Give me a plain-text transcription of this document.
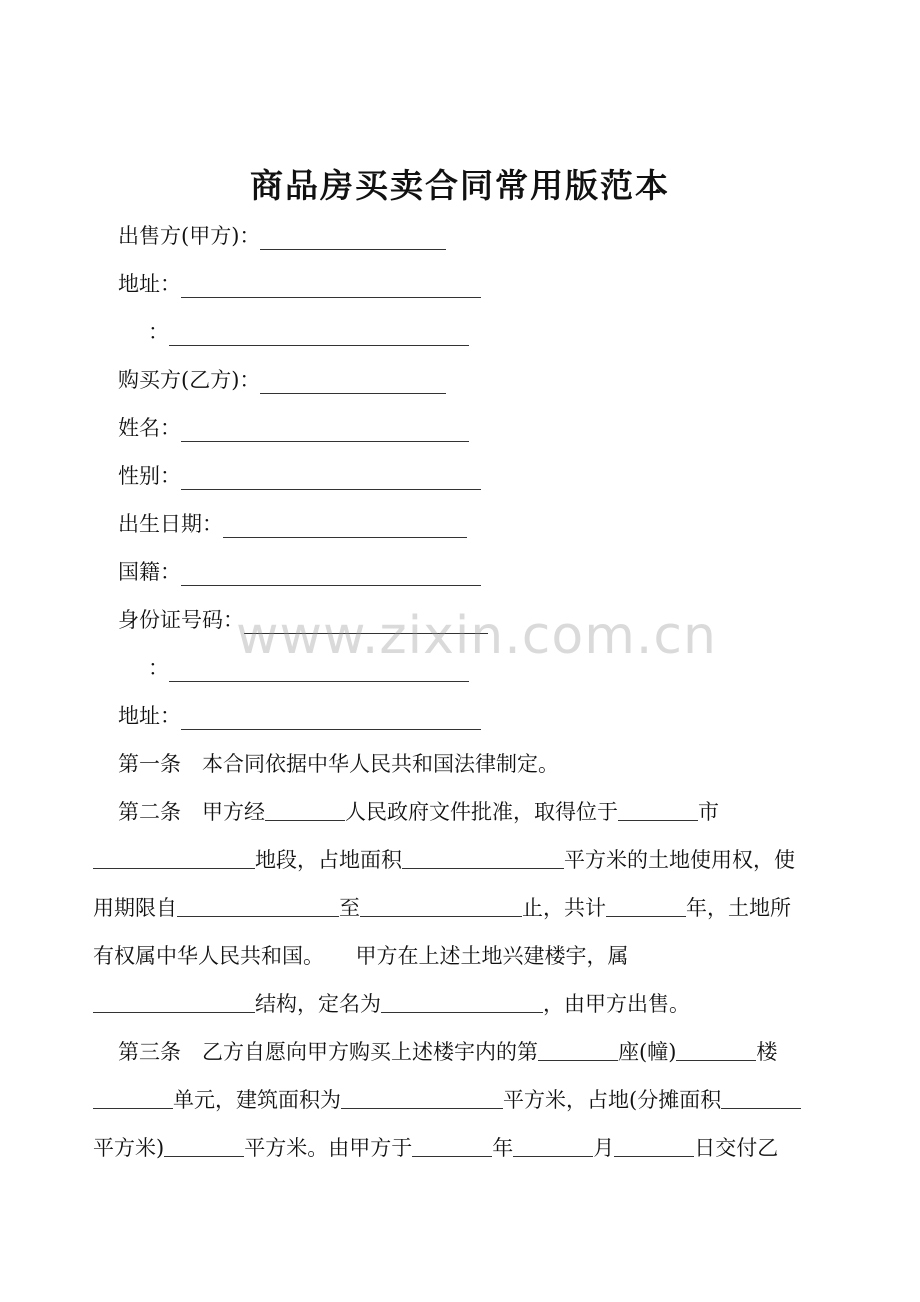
商品房买卖合同常用版范本
出售方(甲方)：
地址：
：
购买方(乙方)：
姓名：
性别：
出生日期：
国籍：
身份证号码：
：
地址：
第一条　本合同依据中华人民共和国法律制定。
第二条　甲方经	人民政府文件批准，取得位于	市
地段，占地面积	平方米的土地使用权，使
用期限自	至	止，共计	年，土地所
有权属中华人民共和国。　　甲方在上述土地兴建楼宇，属
结构，定名为	，由甲方出售。
第三条　乙方自愿向甲方购买上述楼宇内的第	座(幢)	楼
单元，建筑面积为	平方米，占地(分摊面积
平方米)	平方米。由甲方于	年	月	日交付乙
www.zixin.com.cn
